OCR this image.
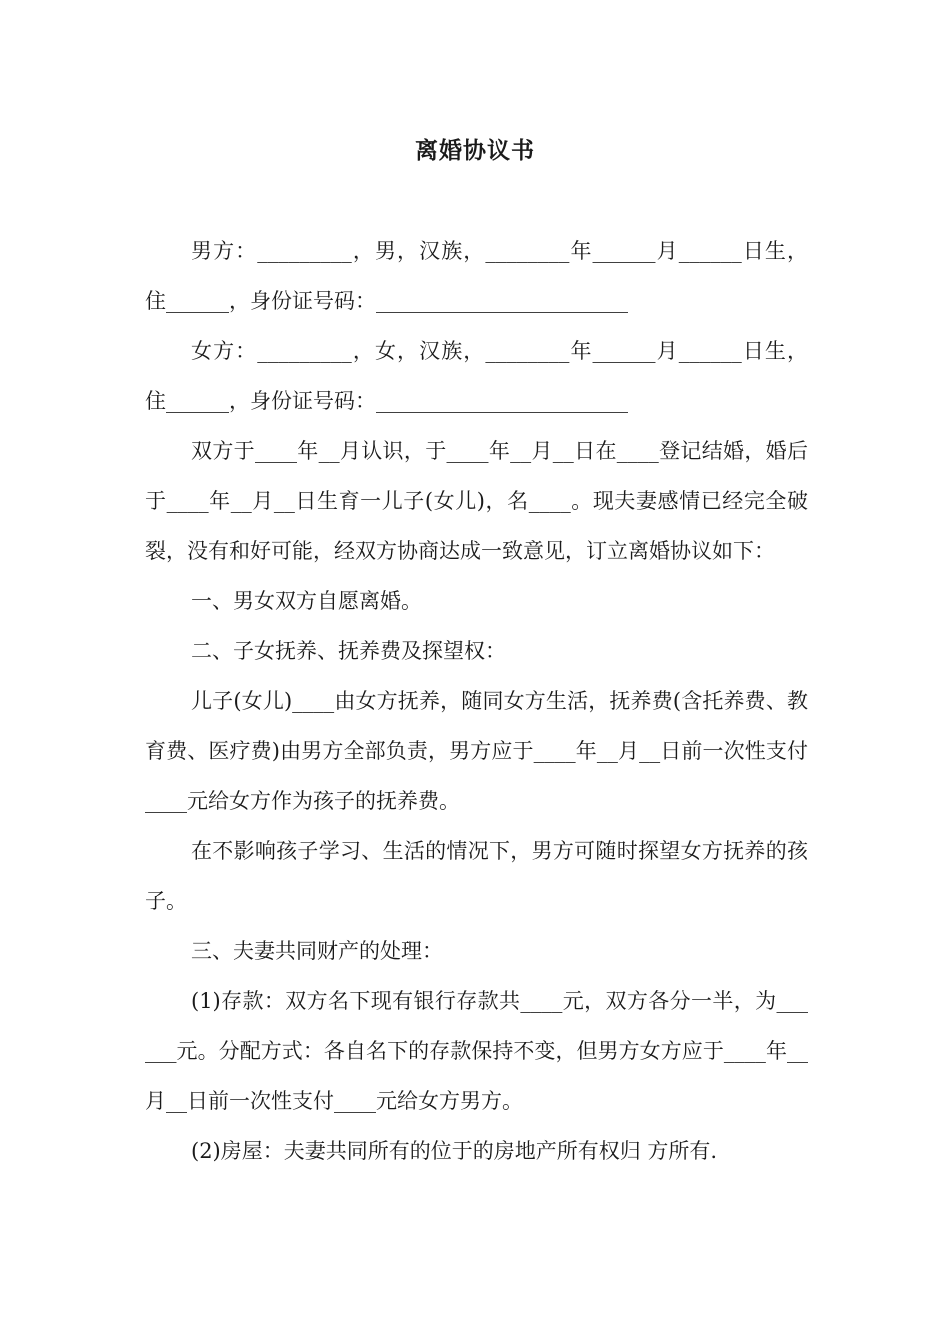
离婚协议书

男方：_________，男，汉族，________年______月______日生，住______，身份证号码：________________________

女方：_________，女，汉族，________年______月______日生，住______，身份证号码：________________________

双方于____年__月认识，于____年__月__日在____登记结婚，婚后于____年__月__日生育一儿子(女儿)，名____。现夫妻感情已经完全破裂，没有和好可能，经双方协商达成一致意见，订立离婚协议如下：

一、男女双方自愿离婚。

二、子女抚养、抚养费及探望权：

儿子(女儿)____由女方抚养，随同女方生活，抚养费(含托养费、教育费、医疗费)由男方全部负责，男方应于____年__月__日前一次性支付 ____元给女方作为孩子的抚养费。

在不影响孩子学习、生活的情况下，男方可随时探望女方抚养的孩子。

三、夫妻共同财产的处理：

(1)存款：双方名下现有银行存款共____元，双方各分一半，为______元。分配方式：各自名下的存款保持不变，但男方女方应于____年__ 月__日前一次性支付____元给女方男方。

(2)房屋：夫妻共同所有的位于的房地产所有权归 方所有.
